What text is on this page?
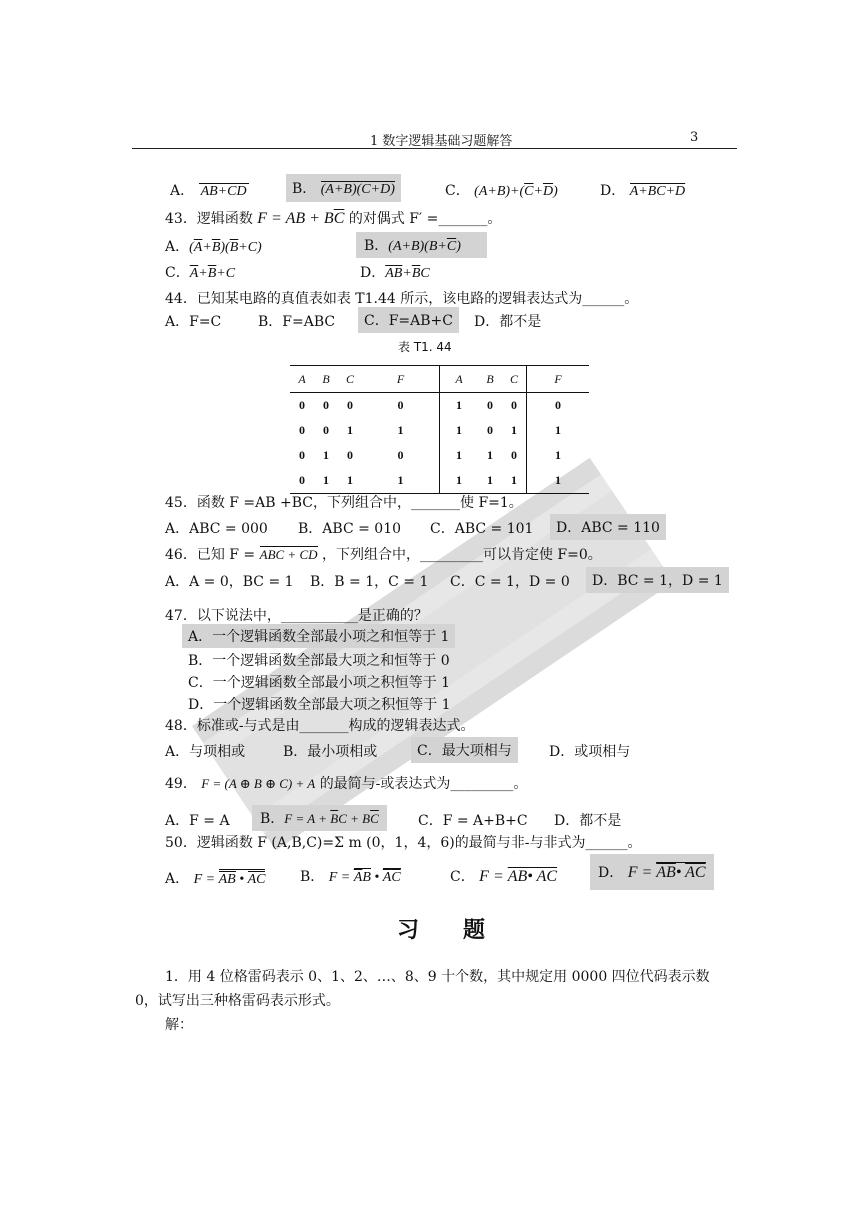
1 数字逻辑基础习题解答	3
A． $AB+\overline{C}\overline{D}$	B． $(A+B)(\overline{C}+\overline{D})$	C． $(A+B)+(\overline{C}+\overline{D})$	D． $A+B\overline{C}+\overline{D}$
43．逻辑函数 F = AB + $B\overline{C}$ 的对偶式 F′ =_______。
A．$(\overline{A}+\overline{B})(\overline{B}+C)$	B．$(A+B)(B+\overline{C})$
C．$\overline{A}+\overline{B}+C$	D．$\overline{A}\overline{B}+\overline{B}C$
44．已知某电路的真值表如表 T1.44 所示，该电路的逻辑表达式为______。
A．F=C	B．F=ABC	C．F=AB+C	D．都不是
表 T1. 44
A	B	C	F	A	B	C	F
0	0	0	0	1	0	0	0
0	0	1	1	1	0	1	1
0	1	0	0	1	1	0	1
0	1	1	1	1	1	1	1
45．函数 F =AB +BC，下列组合中，_______使 F=1。
A．ABC = 000 B．ABC = 010 C．ABC = 101	D．ABC = 110
46．已知 F = ABC + CD ，下列组合中，_________可以肯定使 F=0。
A．A = 0，BC = 1 B．B = 1，C = 1 C．C = 1，D = 0	D．BC = 1，D = 1
47．以下说法中，___________是正确的？
A．一个逻辑函数全部最小项之和恒等于 1
B．一个逻辑函数全部最大项之和恒等于 0
C．一个逻辑函数全部最小项之积恒等于 1
D．一个逻辑函数全部最大项之积恒等于 1
48．标准或-与式是由_______构成的逻辑表达式。
A．与项相或	B．最小项相或	C．最大项相与	D．或项相与
49． F = (A ⊕ B ⊕ C) + A 的最简与-或表达式为_________。
A．F = A	B．$F = A + \overline{B}C + B\overline{C}$	C．F = A+B+C D．都不是
50．逻辑函数 F (A,B,C)=Σ m (0，1，4，6)的最简与非-与非式为______。
A． F = AB • AC B． $F = \overline{A}B$ • $\overline{A}\overline{C}$	C． $F = \overline{AB}•$ $\overline{AC}$	D． $F = \overline{A}\overline{B}•$ $\overline{A}\overline{C}$
习　　题
1．用 4 位格雷码表示 0、1、2、…、8、9 十个数，其中规定用 0000 四位代码表示数
0，试写出三种格雷码表示形式。
解：
